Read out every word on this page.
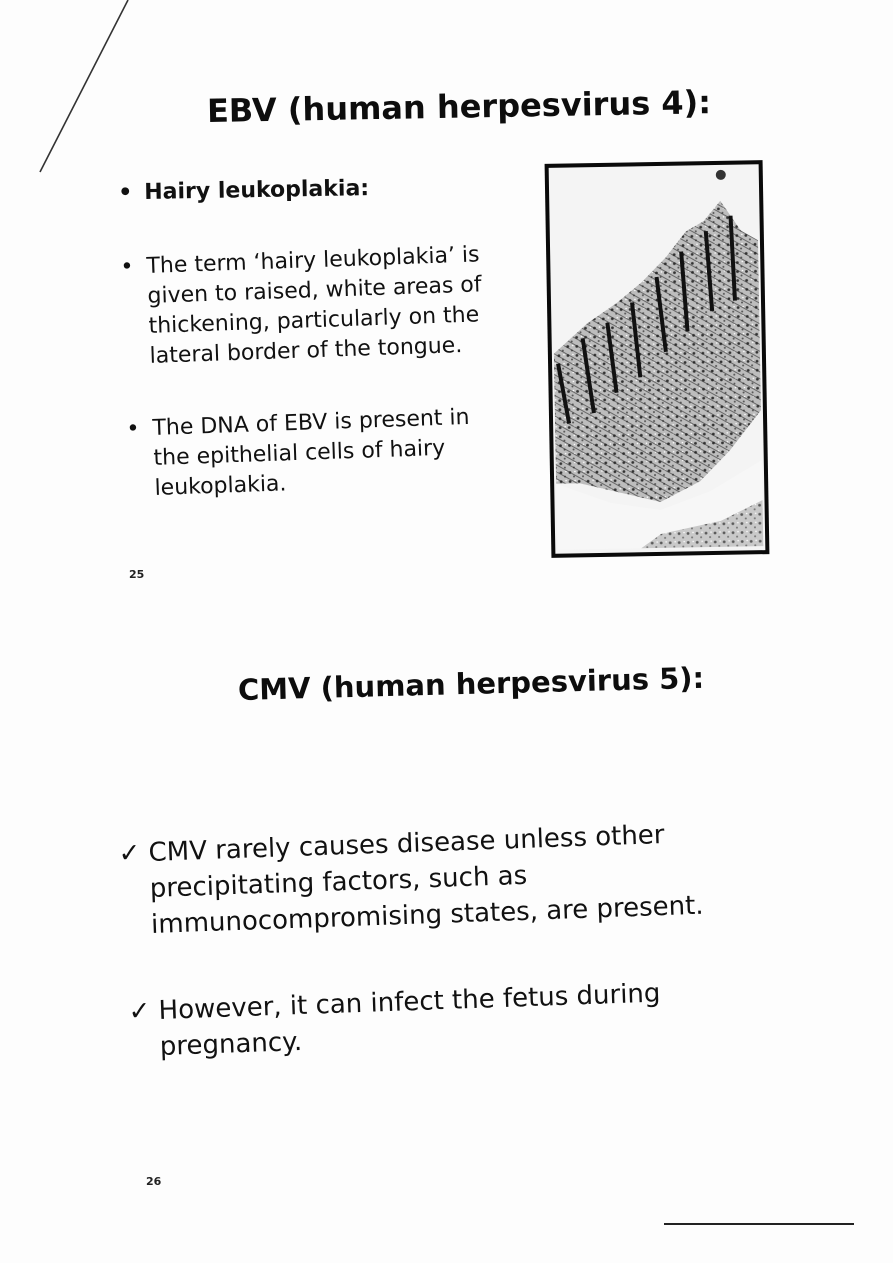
EBV (human herpesvirus 4):
• Hairy leukoplakia:
• The term ‘hairy leukoplakia’ is given to raised, white areas of thickening, particularly on the lateral border of the tongue.
• The DNA of EBV is present in the epithelial cells of hairy leukoplakia.
25
CMV (human herpesvirus 5):
✓ CMV rarely causes disease unless other precipitating factors, such as immunocompromising states, are present.
✓ However, it can infect the fetus during pregnancy.
26
